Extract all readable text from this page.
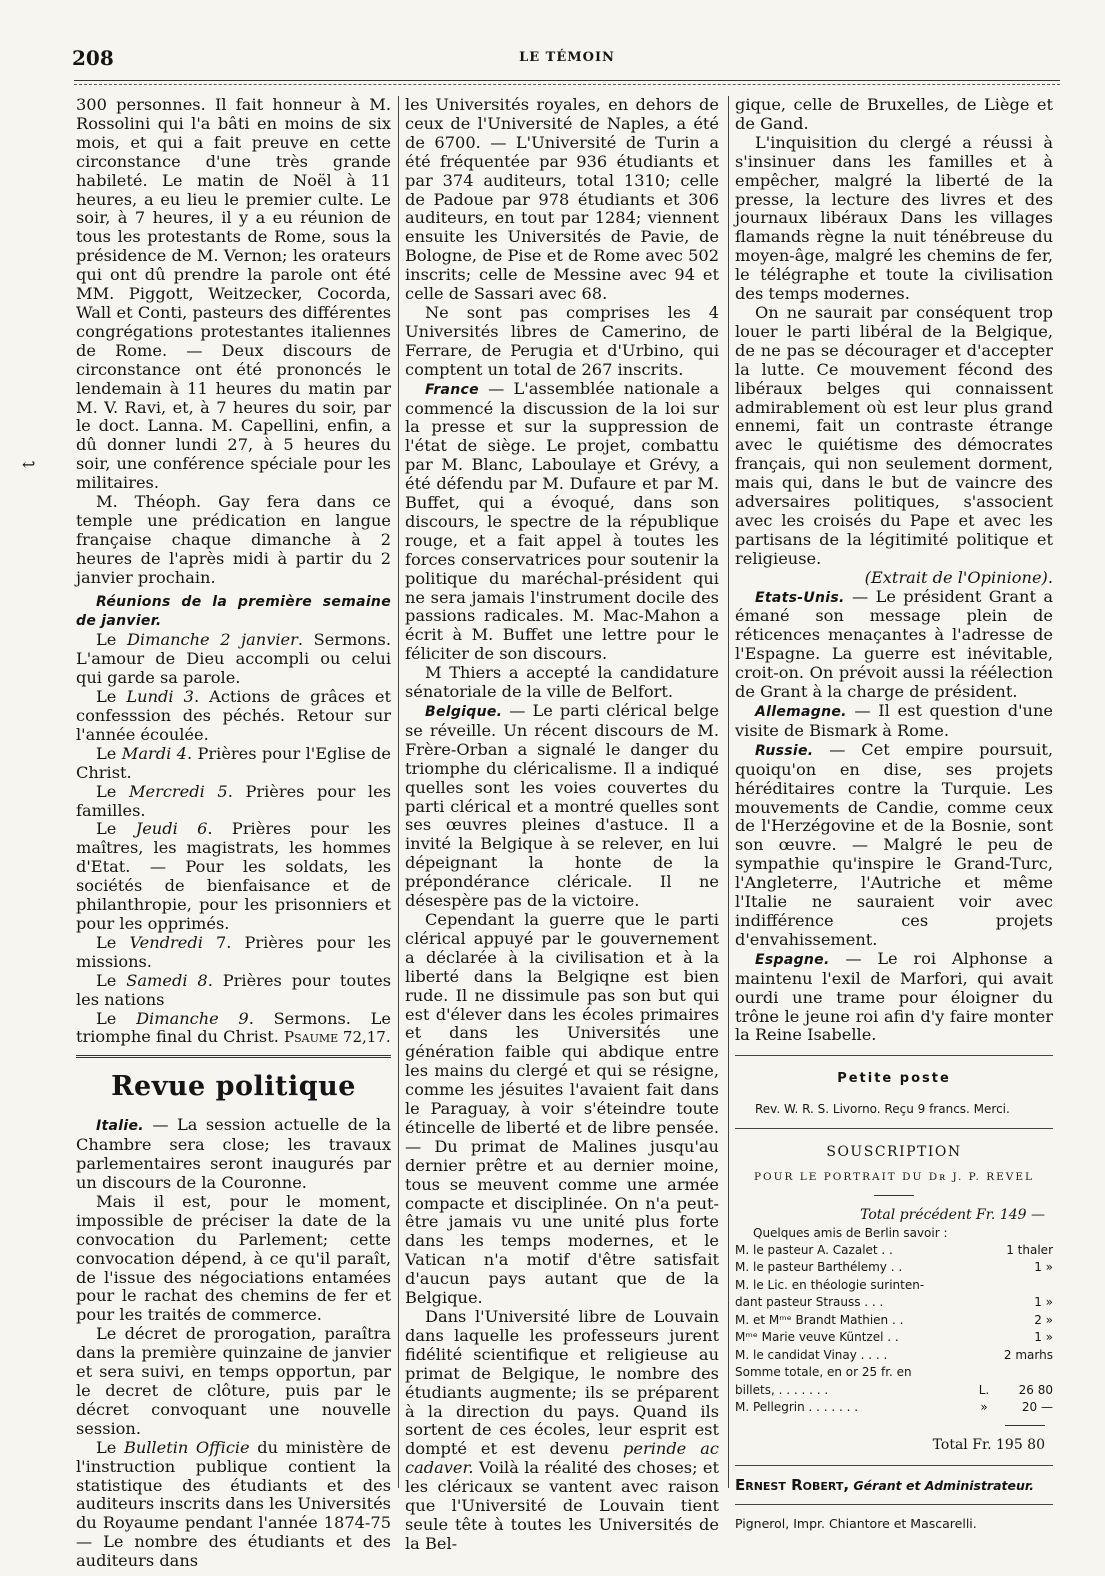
208	LE TÉMOIN
↩

300 personnes. Il fait honneur à M. Rossolini qui l'a bâti en moins de six mois, et qui a fait preuve en cette circonstance d'une très grande habileté. Le matin de Noël à 11 heures, a eu lieu le premier culte. Le soir, à 7 heures, il y a eu réunion de tous les protestants de Rome, sous la présidence de M. Vernon; les orateurs qui ont dû prendre la parole ont été MM. Piggott, Weitzecker, Cocorda, Wall et Conti, pasteurs des différentes congrégations protestantes italiennes de Rome. — Deux discours de circonstance ont été prononcés le lendemain à 11 heures du matin par M. V. Ravi, et, à 7 heures du soir, par le doct. Lanna. M. Capellini, enfin, a dû donner lundi 27, à 5 heures du soir, une conférence spéciale pour les militaires.

M. Théoph. Gay fera dans ce temple une prédication en langue française chaque dimanche à 2 heures de l'après midi à partir du 2 janvier prochain.

Réunions de la première semaine de janvier.

Le Dimanche 2 janvier. Sermons. L'amour de Dieu accompli ou celui qui garde sa parole.

Le Lundi 3. Actions de grâces et confesssion des péchés. Retour sur l'année écoulée.

Le Mardi 4. Prières pour l'Eglise de Christ.

Le Mercredi 5. Prières pour les familles.

Le Jeudi 6. Prières pour les maîtres, les magistrats, les hommes d'Etat. — Pour les soldats, les sociétés de bienfaisance et de philanthropie, pour les prisonniers et pour les opprimés.

Le Vendredi 7. Prières pour les missions.

Le Samedi 8. Prières pour toutes les nations

Le Dimanche 9. Sermons. Le triomphe final du Christ. Psaume 72,17.

Revue politique

Italie. — La session actuelle de la Chambre sera close; les travaux parlementaires seront inaugurés par un discours de la Couronne.

Mais il est, pour le moment, impossible de préciser la date de la convocation du Parlement; cette convocation dépend, à ce qu'il paraît, de l'issue des négociations entamées pour le rachat des chemins de fer et pour les traités de commerce.

Le décret de prorogation, paraîtra dans la première quinzaine de janvier et sera suivi, en temps opportun, par le decret de clôture, puis par le décret convoquant une nouvelle session.

Le Bulletin Officie du ministère de l'instruction publique contient la statistique des étudiants et des auditeurs inscrits dans les Universités du Royaume pendant l'année 1874-75 — Le nombre des étudiants et des auditeurs dans

les Universités royales, en dehors de ceux de l'Université de Naples, a été de 6700. — L'Université de Turin a été fréquentée par 936 étudiants et par 374 auditeurs, total 1310; celle de Padoue par 978 étudiants et 306 auditeurs, en tout par 1284; viennent ensuite les Universités de Pavie, de Bologne, de Pise et de Rome avec 502 inscrits; celle de Messine avec 94 et celle de Sassari avec 68.

Ne sont pas comprises les 4 Universités libres de Camerino, de Ferrare, de Perugia et d'Urbino, qui comptent un total de 267 inscrits.

France — L'assemblée nationale a commencé la discussion de la loi sur la presse et sur la suppression de l'état de siège. Le projet, combattu par M. Blanc, Laboulaye et Grévy, a été défendu par M. Dufaure et par M. Buffet, qui a évoqué, dans son discours, le spectre de la république rouge, et a fait appel à toutes les forces conservatrices pour soutenir la politique du maréchal-président qui ne sera jamais l'instrument docile des passions radicales. M. Mac-Mahon a écrit à M. Buffet une lettre pour le féliciter de son discours.

M Thiers a accepté la candidature sénatoriale de la ville de Belfort.

Belgique. — Le parti clérical belge se réveille. Un récent discours de M. Frère-Orban a signalé le danger du triomphe du cléricalisme. Il a indiqué quelles sont les voies couvertes du parti clérical et a montré quelles sont ses œuvres pleines d'astuce. Il a invité la Belgique à se relever, en lui dépeignant la honte de la prépondérance cléricale. Il ne désespère pas de la victoire.

Cependant la guerre que le parti clérical appuyé par le gouvernement a déclarée à la civilisation et à la liberté dans la Belgiqne est bien rude. Il ne dissimule pas son but qui est d'élever dans les écoles primaires et dans les Universités une génération faible qui abdique entre les mains du clergé et qui se résigne, comme les jésuites l'avaient fait dans le Paraguay, à voir s'éteindre toute étincelle de liberté et de libre pensée. — Du primat de Malines jusqu'au dernier prêtre et au dernier moine, tous se meuvent comme une armée compacte et disciplinée. On n'a peut-être jamais vu une unité plus forte dans les temps modernes, et le Vatican n'a motif d'être satisfait d'aucun pays autant que de la Belgique.

Dans l'Université libre de Louvain dans laquelle les professeurs jurent fidélité scientifique et religieuse au primat de Belgique, le nombre des étudiants augmente; ils se préparent à la direction du pays. Quand ils sortent de ces écoles, leur esprit est dompté et est devenu perinde ac cadaver. Voilà la réalité des choses; et les cléricaux se vantent avec raison que l'Université de Louvain tient seule tête à toutes les Universités de la Bel-

gique, celle de Bruxelles, de Liège et de Gand.

L'inquisition du clergé a réussi à s'insinuer dans les familles et à empêcher, malgré la liberté de la presse, la lecture des livres et des journaux libéraux Dans les villages flamands règne la nuit ténébreuse du moyen-âge, malgré les chemins de fer, le télégraphe et toute la civilisation des temps modernes.

On ne saurait par conséquent trop louer le parti libéral de la Belgique, de ne pas se décourager et d'accepter la lutte. Ce mouvement fécond des libéraux belges qui connaissent admirablement où est leur plus grand ennemi, fait un contraste étrange avec le quiétisme des démocrates français, qui non seulement dorment, mais qui, dans le but de vaincre des adversaires politiques, s'associent avec les croisés du Pape et avec les partisans de la légitimité politique et religieuse.

(Extrait de l'Opinione).

Etats-Unis. — Le président Grant a émané son message plein de réticences menaçantes à l'adresse de l'Espagne. La guerre est inévitable, croit-on. On prévoit aussi la réélection de Grant à la charge de président.

Allemagne. — Il est question d'une visite de Bismark à Rome.

Russie. — Cet empire poursuit, quoiqu'on en dise, ses projets héréditaires contre la Turquie. Les mouvements de Candie, comme ceux de l'Herzégovine et de la Bosnie, sont son œuvre. — Malgré le peu de sympathie qu'inspire le Grand-Turc, l'Angleterre, l'Autriche et même l'Italie ne sauraient voir avec indifférence ces projets d'envahissement.

Espagne. — Le roi Alphonse a maintenu l'exil de Marfori, qui avait ourdi une trame pour éloigner du trône le jeune roi afin d'y faire monter la Reine Isabelle.

Petite poste

Rev. W. R. S. Livorno. Reçu 9 francs. Merci.

SOUSCRIPTION
POUR LE PORTRAIT DU Dʀ J. P. REVEL

Total précédent Fr. 149 —

Quelques amis de Berlin savoir :

M. le pasteur A. Cazalet . .	1 thaler
M. le pasteur Barthélemy . .	1 »
M. le Lic. en théologie surinten-
dant pasteur Strauss . . .	1 »
M. et Mᵐᵉ Brandt Mathien . .	2 »
Mᵐᵉ Marie veuve Küntzel . .	1 »
M. le candidat Vinay . . . .	2 marhs
Somme totale, en or 25 fr. en
billets, . . . . . . .	L.	26 80
M. Pellegrin . . . . . . .	»	20 —
Total Fr. 195 80
Ernest Robert, Gérant et Administrateur.
Pignerol, Impr. Chiantore et Mascarelli.
